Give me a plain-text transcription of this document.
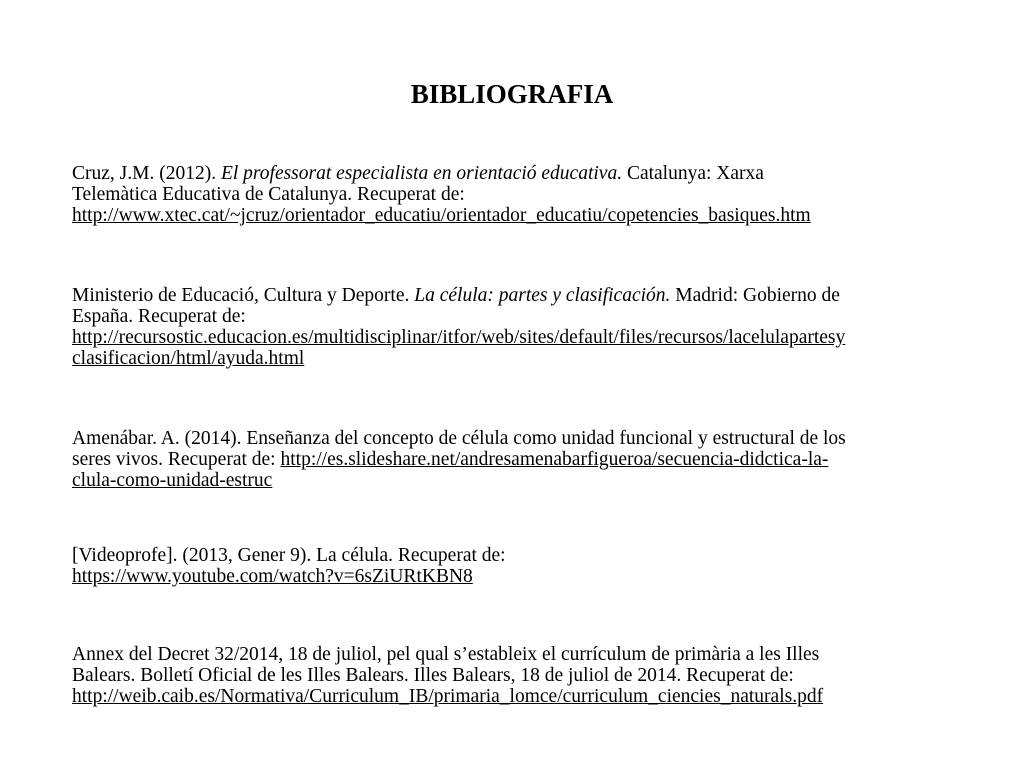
BIBLIOGRAFIA

Cruz, J.M. (2012). El professorat especialista en orientació educativa. Catalunya: Xarxa
Telemàtica Educativa de Catalunya. Recuperat de:
http://www.xtec.cat/~jcruz/orientador_educatiu/orientador_educatiu/copetencies_basiques.htm

Ministerio de Educació, Cultura y Deporte. La célula: partes y clasificación. Madrid: Gobierno de
España. Recuperat de:
http://recursostic.educacion.es/multidisciplinar/itfor/web/sites/default/files/recursos/lacelulapartesy
clasificacion/html/ayuda.html

Amenábar. A. (2014). Enseñanza del concepto de célula como unidad funcional y estructural de los
seres vivos. Recuperat de: http://es.slideshare.net/andresamenabarfigueroa/secuencia-didctica-la-
clula-como-unidad-estruc

[Videoprofe]. (2013, Gener 9). La célula. Recuperat de:
https://www.youtube.com/watch?v=6sZiURtKBN8

Annex del Decret 32/2014, 18 de juliol, pel qual s’estableix el currículum de primària a les Illes
Balears. Bolletí Oficial de les Illes Balears. Illes Balears, 18 de juliol de 2014. Recuperat de:
http://weib.caib.es/Normativa/Curriculum_IB/primaria_lomce/curriculum_ciencies_naturals.pdf
